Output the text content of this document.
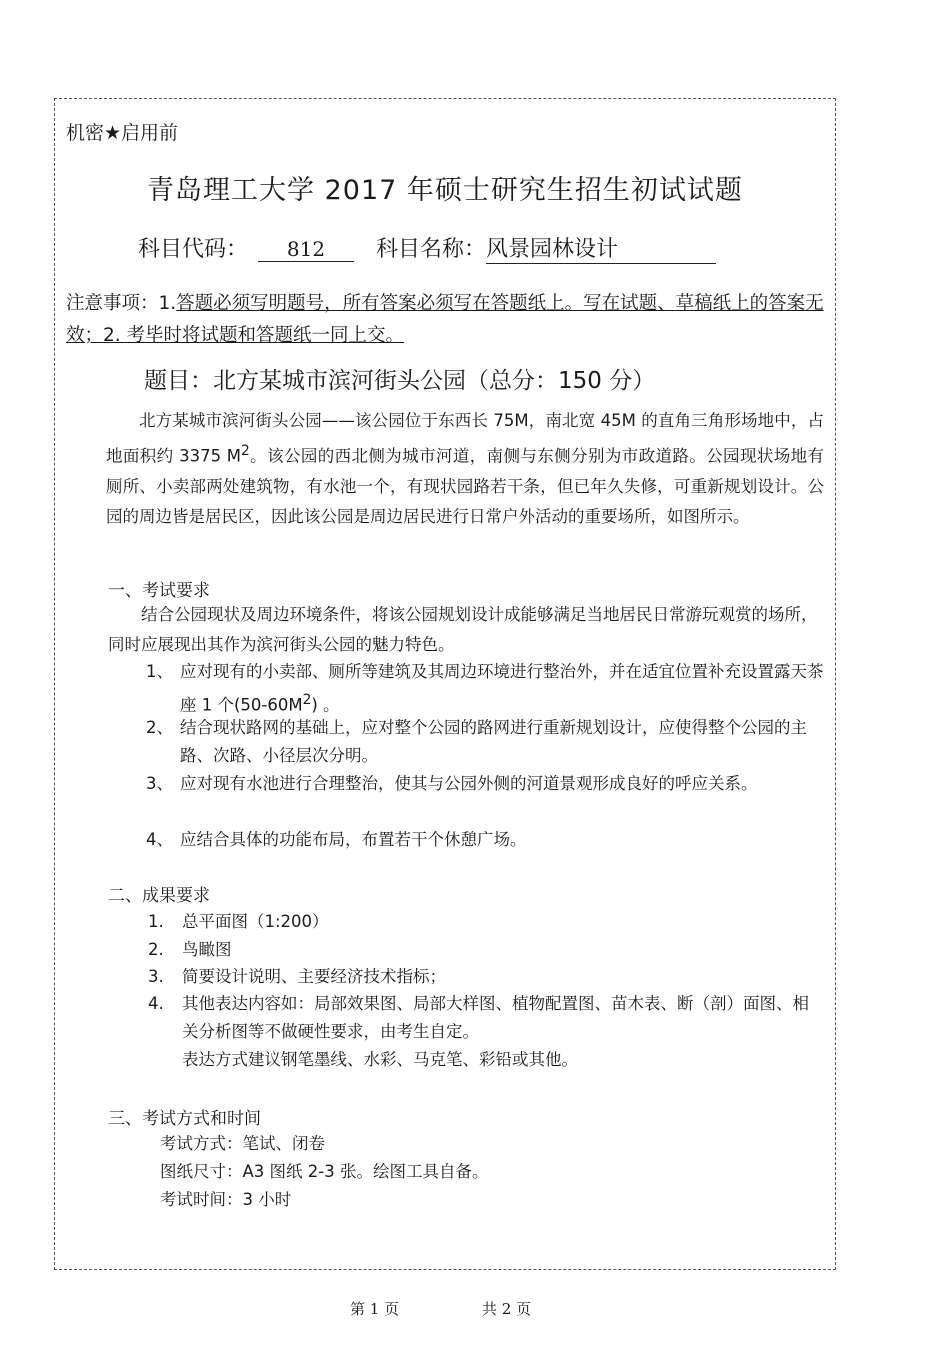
机密★启用前
青岛理工大学 2017 年硕士研究生招生初试试题
科目代码： 812 科目名称：风景园林设计
注意事项：1.答题必须写明题号，所有答案必须写在答题纸上。写在试题、草稿纸上的答案无效；2. 考毕时将试题和答题纸一同上交。
题目：北方某城市滨河街头公园（总分：150 分）
北方某城市滨河街头公园——该公园位于东西长 75M，南北宽 45M 的直角三角形场地中，占地面积约 3375 $M^2$。该公园的西北侧为城市河道，南侧与东侧分别为市政道路。公园现状场地有厕所、小卖部两处建筑物，有水池一个，有现状园路若干条，但已年久失修，可重新规划设计。公园的周边皆是居民区，因此该公园是周边居民进行日常户外活动的重要场所，如图所示。
一、考试要求
结合公园现状及周边环境条件，将该公园规划设计成能够满足当地居民日常游玩观赏的场所，同时应展现出其作为滨河街头公园的魅力特色。
1、 应对现有的小卖部、厕所等建筑及其周边环境进行整治外，并在适宜位置补充设置露天茶座 1 个$(50-60M^2)$ 。
2、 结合现状路网的基础上，应对整个公园的路网进行重新规划设计，应使得整个公园的主路、次路、小径层次分明。
3、 应对现有水池进行合理整治，使其与公园外侧的河道景观形成良好的呼应关系。
4、 应结合具体的功能布局，布置若干个休憩广场。
二、成果要求
1. 总平面图（1:200）
2. 鸟瞰图
3. 简要设计说明、主要经济技术指标；
4. 其他表达内容如：局部效果图、局部大样图、植物配置图、苗木表、断（剖）面图、相关分析图等不做硬性要求，由考生自定。
表达方式建议钢笔墨线、水彩、马克笔、彩铅或其他。
三、考试方式和时间
考试方式：笔试、闭卷
图纸尺寸：A3 图纸 2-3 张。绘图工具自备。
考试时间：3 小时
第 1 页	共 2 页
